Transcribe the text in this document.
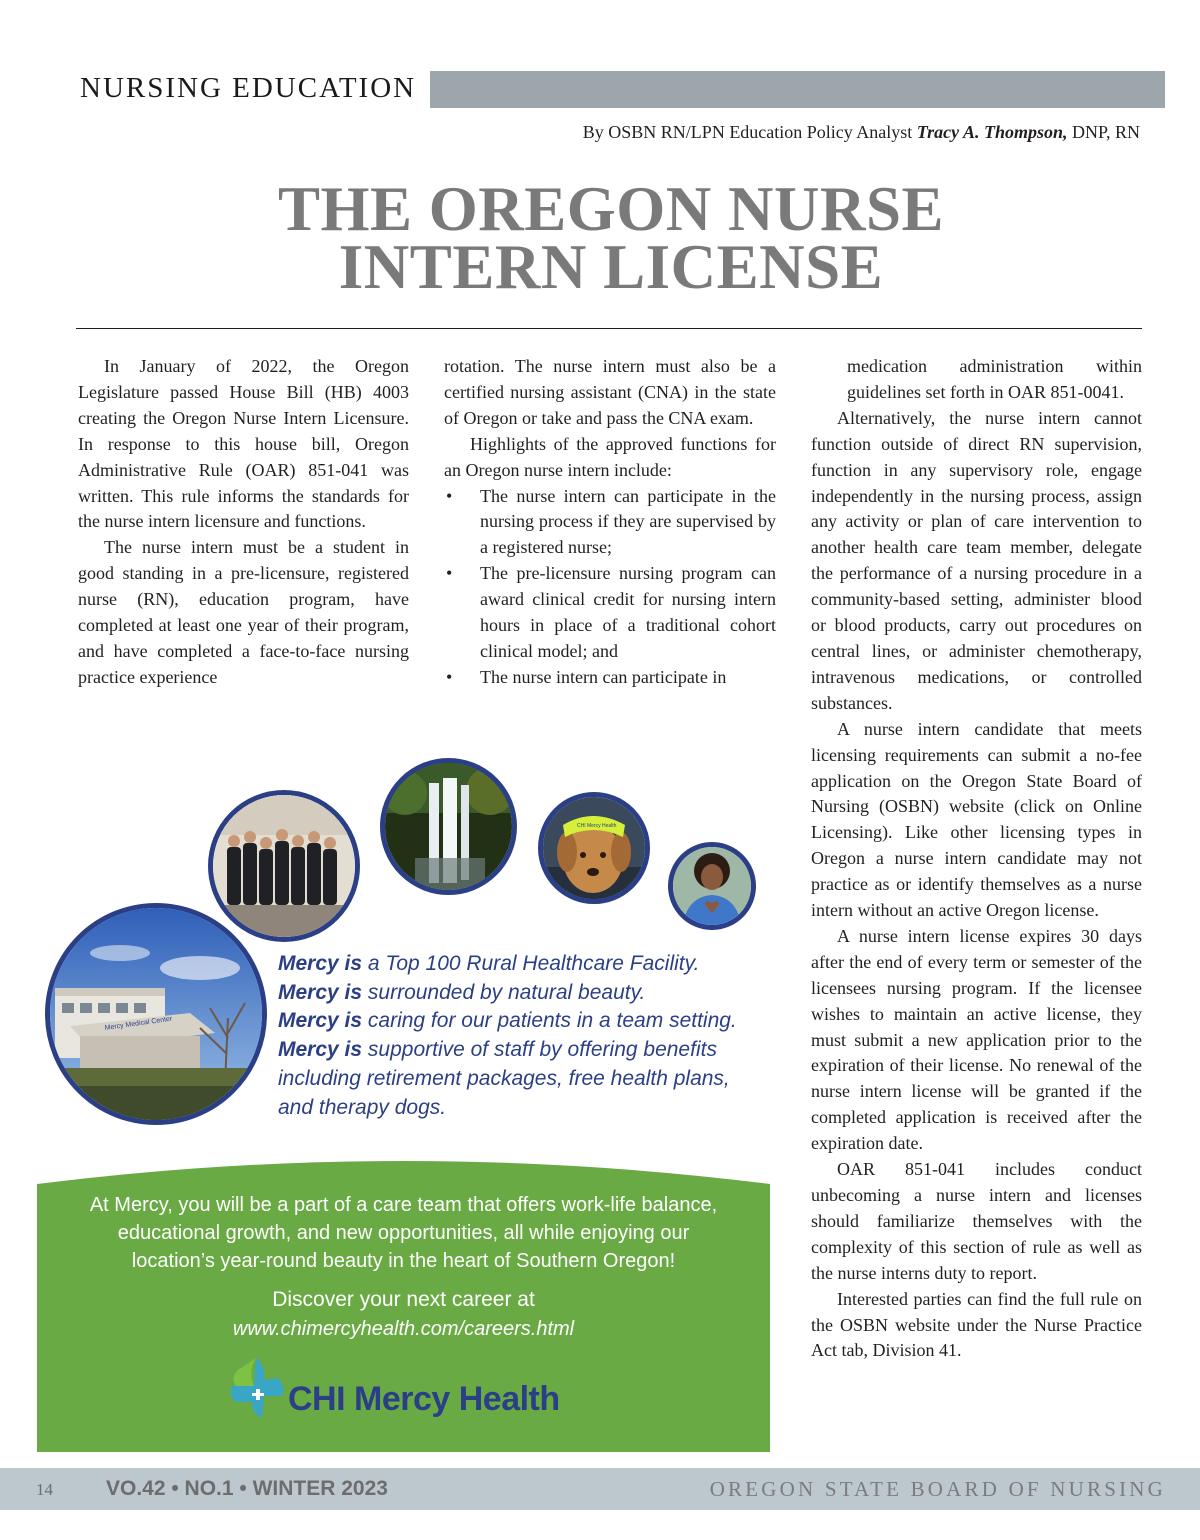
NURSING EDUCATION
By OSBN RN/LPN Education Policy Analyst Tracy A. Thompson, DNP, RN
THE OREGON NURSE
INTERN LICENSE

In January of 2022, the Oregon Legislature passed House Bill (HB) 4003 creating the Oregon Nurse Intern Licensure. In response to this house bill, Oregon Administrative Rule (OAR) 851-041 was written. This rule informs the standards for the nurse intern licensure and functions.

The nurse intern must be a student in good standing in a pre-licensure, registered nurse (RN), education program, have completed at least one year of their program, and have completed a face-to-face nursing practice experience

rotation. The nurse intern must also be a certified nursing assistant (CNA) in the state of Oregon or take and pass the CNA exam.

Highlights of the approved functions for an Oregon nurse intern include:

• The nurse intern can participate in the nursing process if they are supervised by a registered nurse;
• The pre-licensure nursing program can award clinical credit for nursing intern hours in place of a traditional cohort clinical model; and
• The nurse intern can participate in

medication administration within guidelines set forth in OAR 851-0041.

Alternatively, the nurse intern cannot function outside of direct RN supervision, function in any supervisory role, engage independently in the nursing process, assign any activity or plan of care intervention to another health care team member, delegate the performance of a nursing procedure in a community-based setting, administer blood or blood products, carry out procedures on central lines, or administer chemotherapy, intravenous medications, or controlled substances.

A nurse intern candidate that meets licensing requirements can submit a no-fee application on the Oregon State Board of Nursing (OSBN) website (click on Online Licensing). Like other licensing types in Oregon a nurse intern candidate may not practice as or identify themselves as a nurse intern without an active Oregon license.

A nurse intern license expires 30 days after the end of every term or semester of the licensees nursing program. If the licensee wishes to maintain an active license, they must submit a new application prior to the expiration of their license. No renewal of the nurse intern license will be granted if the completed application is received after the expiration date.

OAR 851-041 includes conduct unbecoming a nurse intern and licenses should familiarize themselves with the complexity of this section of rule as well as the nurse interns duty to report.

Interested parties can find the full rule on the OSBN website under the Nurse Practice Act tab, Division 41.

Mercy Medical Center
CHI Mercy Health
Mercy is a Top 100 Rural Healthcare Facility.
Mercy is surrounded by natural beauty.
Mercy is caring for our patients in a team setting.
Mercy is supportive of staff by offering benefits including retirement packages, free health plans, and therapy dogs.
At Mercy, you will be a part of a care team that offers work-life balance, educational growth, and new opportunities, all while enjoying our location’s year-round beauty in the heart of Southern Oregon!
Discover your next career at
www.chimercyhealth.com/careers.html
CHI Mercy Health
14	VO.42 • NO.1 • WINTER 2023	OREGON STATE BOARD OF NURSING
